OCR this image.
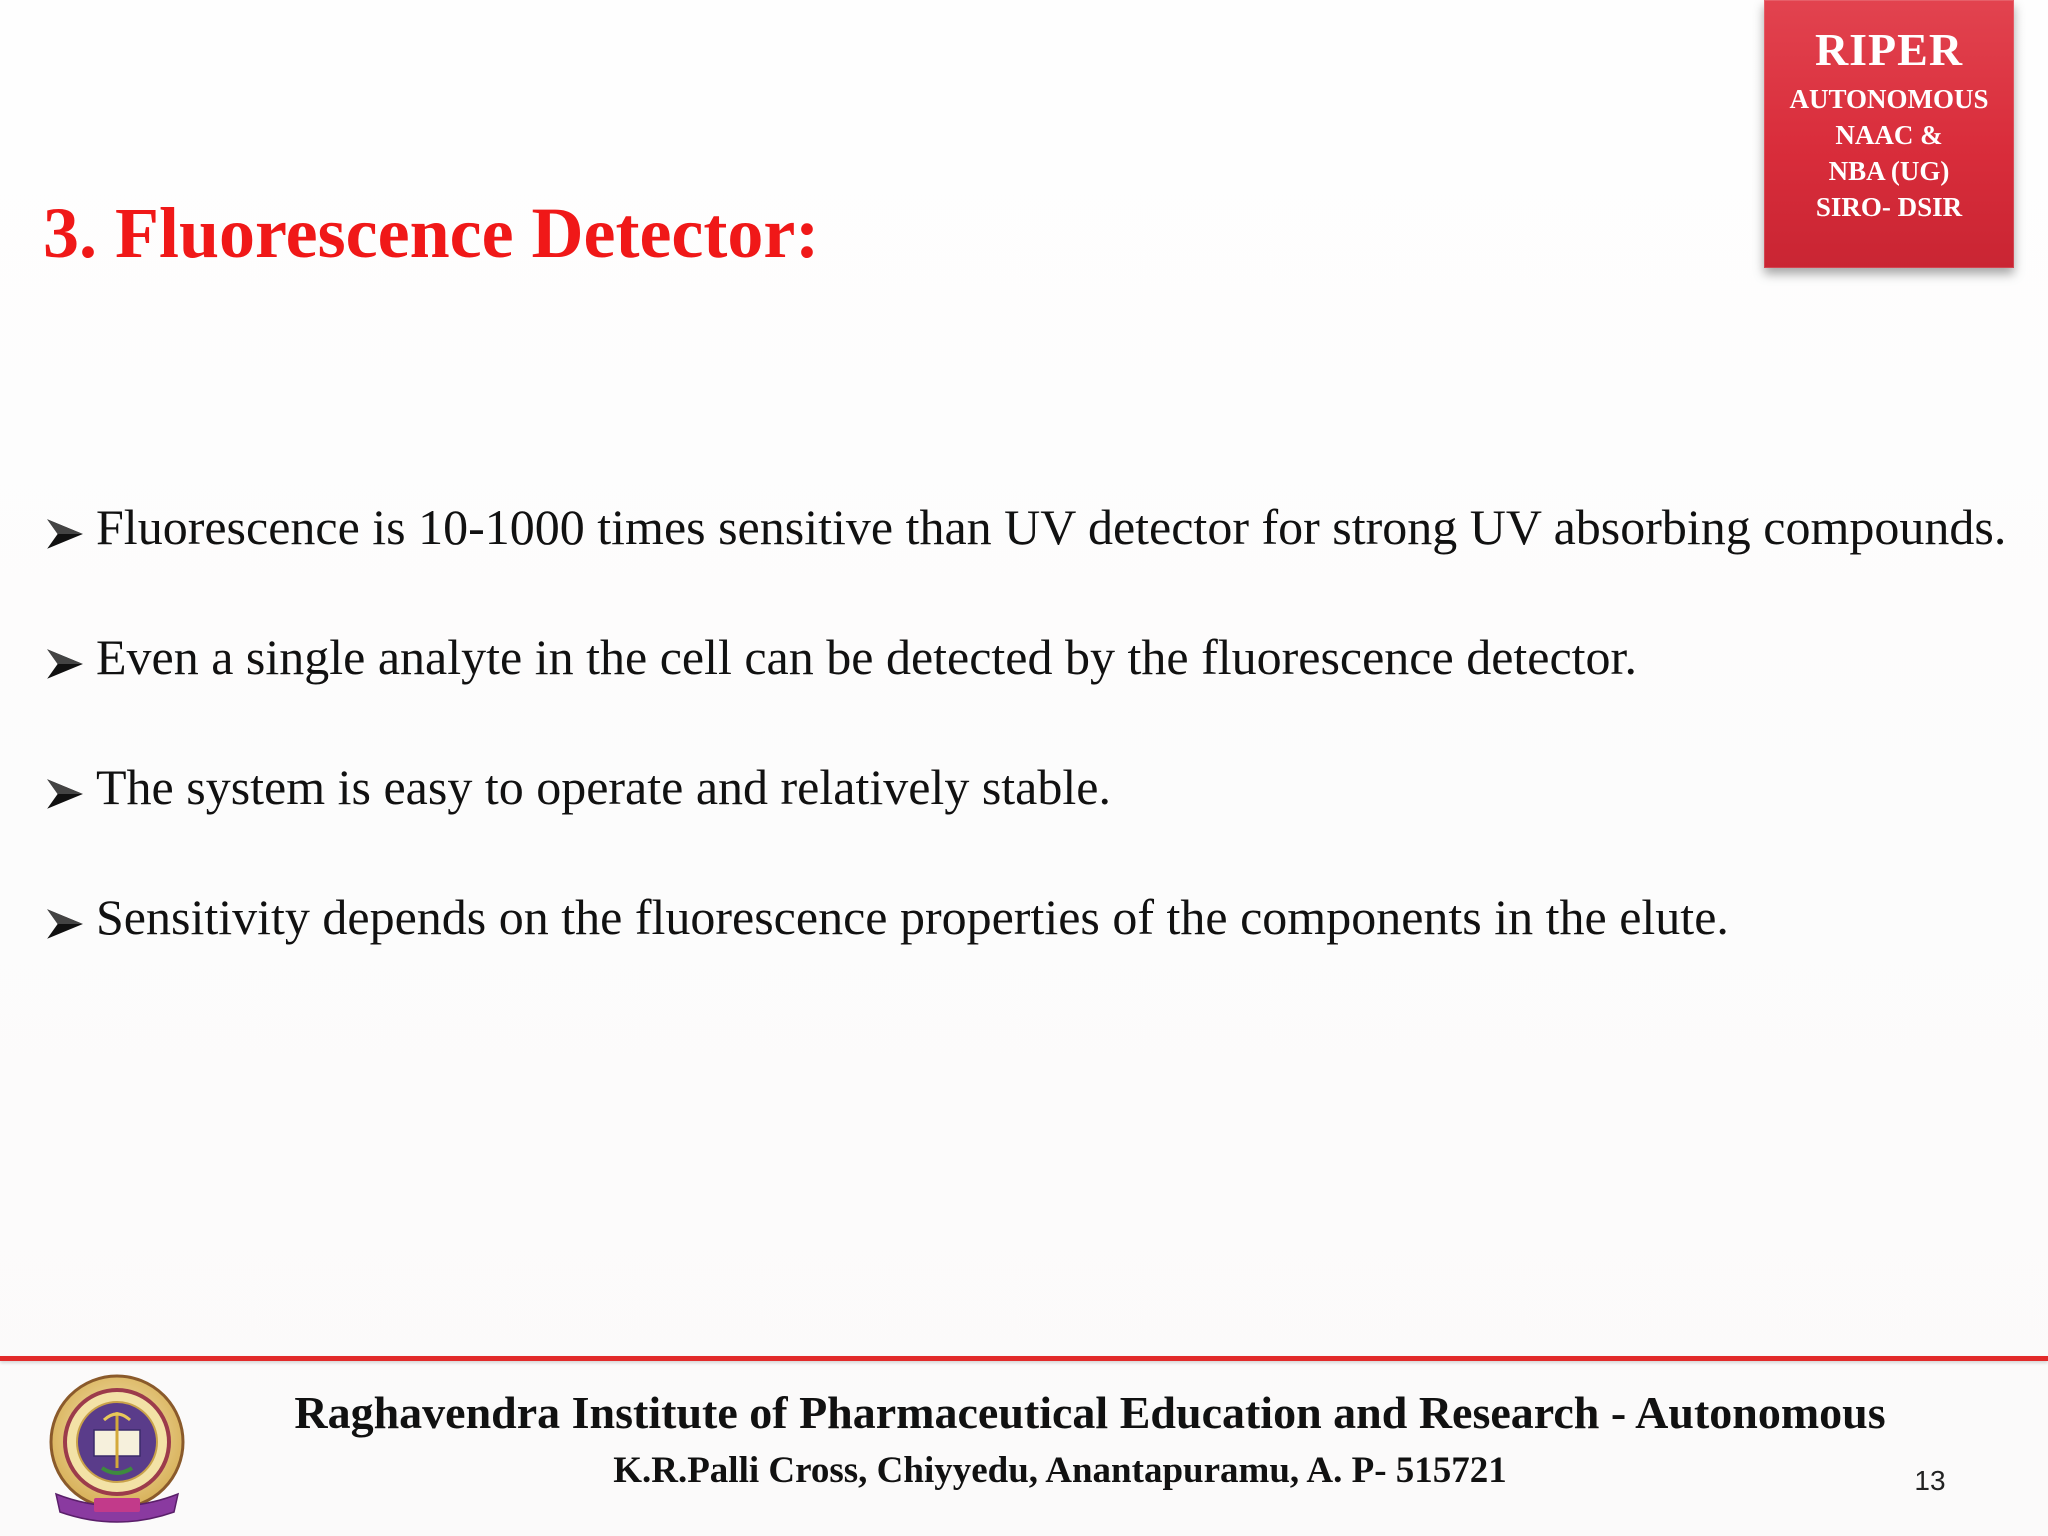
RIPER
AUTONOMOUS
NAAC &
NBA (UG)
SIRO- DSIR
3. Fluorescence Detector:
Fluorescence is 10-1000 times sensitive than UV detector for strong UV absorbing compounds.
Even a single analyte in the cell can be detected by the fluorescence detector.
The system is easy to operate and relatively stable.
Sensitivity depends on the fluorescence properties of the components in the elute.
Raghavendra Institute of Pharmaceutical Education and Research - Autonomous
K.R.Palli Cross, Chiyyedu, Anantapuramu, A. P- 515721	13
